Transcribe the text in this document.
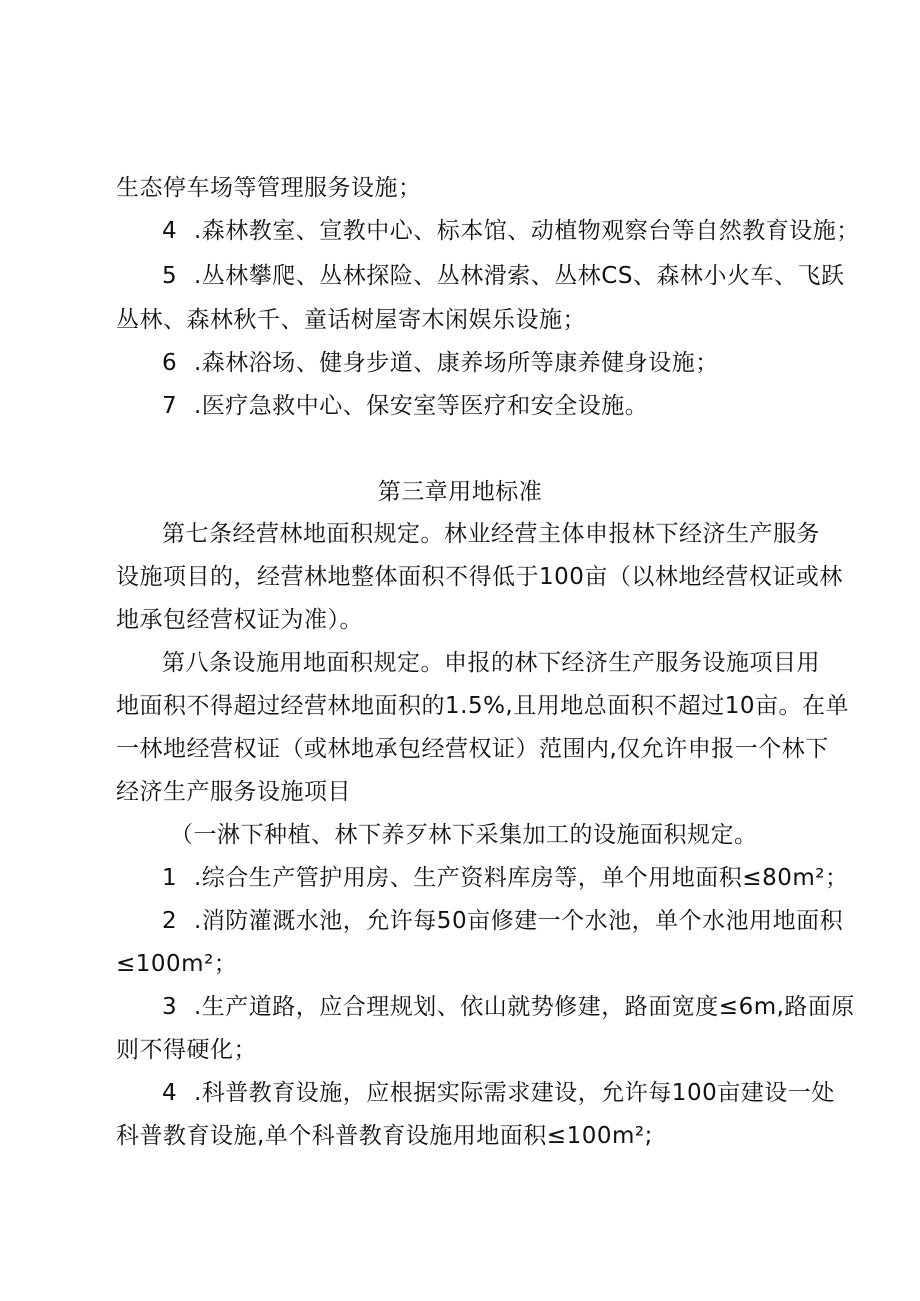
生态停车场等管理服务设施；
4 .森林教室、宣教中心、标本馆、动植物观察台等自然教育设施；
5 .丛林攀爬、丛林探险、丛林滑索、丛林CS、森林小火车、飞跃
丛林、森林秋千、童话树屋寄木闲娱乐设施；
6 .森林浴场、健身步道、康养场所等康养健身设施；
7 .医疗急救中心、保安室等医疗和安全设施。
第三章用地标准
第七条经营林地面积规定。林业经营主体申报林下经济生产服务
设施项目的，经营林地整体面积不得低于100亩（以林地经营权证或林
地承包经营权证为准）。
第八条设施用地面积规定。申报的林下经济生产服务设施项目用
地面积不得超过经营林地面积的1.5%,且用地总面积不超过10亩。在单
一林地经营权证（或林地承包经营权证）范围内,仅允许申报一个林下
经济生产服务设施项目
（一淋下种植、林下养歹林下采集加工的设施面积规定。
1 .综合生产管护用房、生产资料库房等，单个用地面积≤80m²；
2 .消防灌溉水池，允许每50亩修建一个水池，单个水池用地面积
≤100m²；
3 .生产道路，应合理规划、依山就势修建，路面宽度≤6m,路面原
则不得硬化；
4 .科普教育设施，应根据实际需求建设，允许每100亩建设一处
科普教育设施,单个科普教育设施用地面积≤100m²;
